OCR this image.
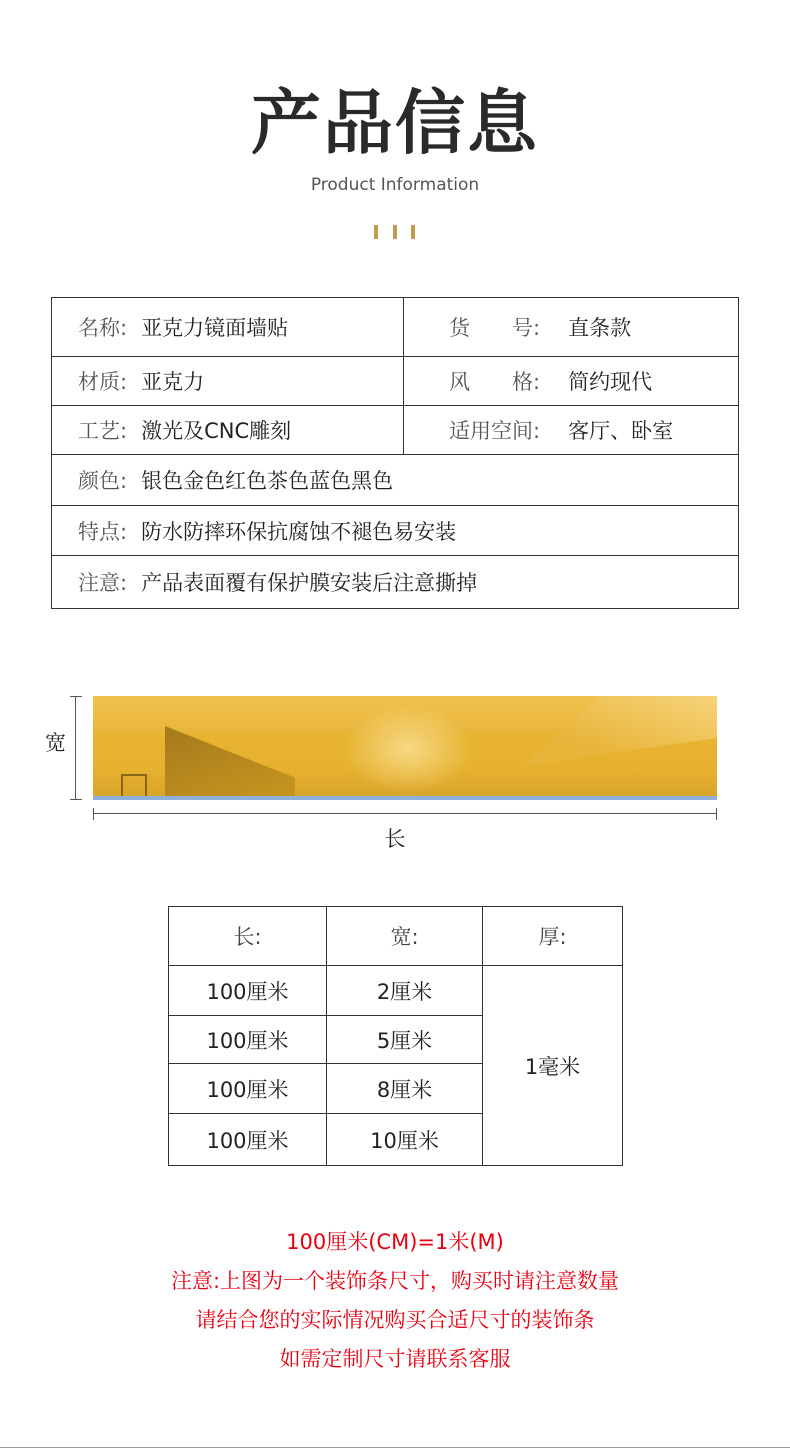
产品信息
Product Information
名称: 亚克力镜面墙贴	货　　号: 直条款
材质: 亚克力	风　　格: 简约现代
工艺: 激光及CNC雕刻	适用空间: 客厅、卧室
颜色: 银色金色红色茶色蓝色黑色
特点: 防水防摔环保抗腐蚀不褪色易安装
注意: 产品表面覆有保护膜安装后注意撕掉
宽
长
长:	宽:	厚:
100厘米	2厘米
100厘米	5厘米
100厘米	8厘米
100厘米	10厘米
1毫米
100厘米(CM)=1米(M)
注意:上图为一个装饰条尺寸，购买时请注意数量
请结合您的实际情况购买合适尺寸的装饰条
如需定制尺寸请联系客服
